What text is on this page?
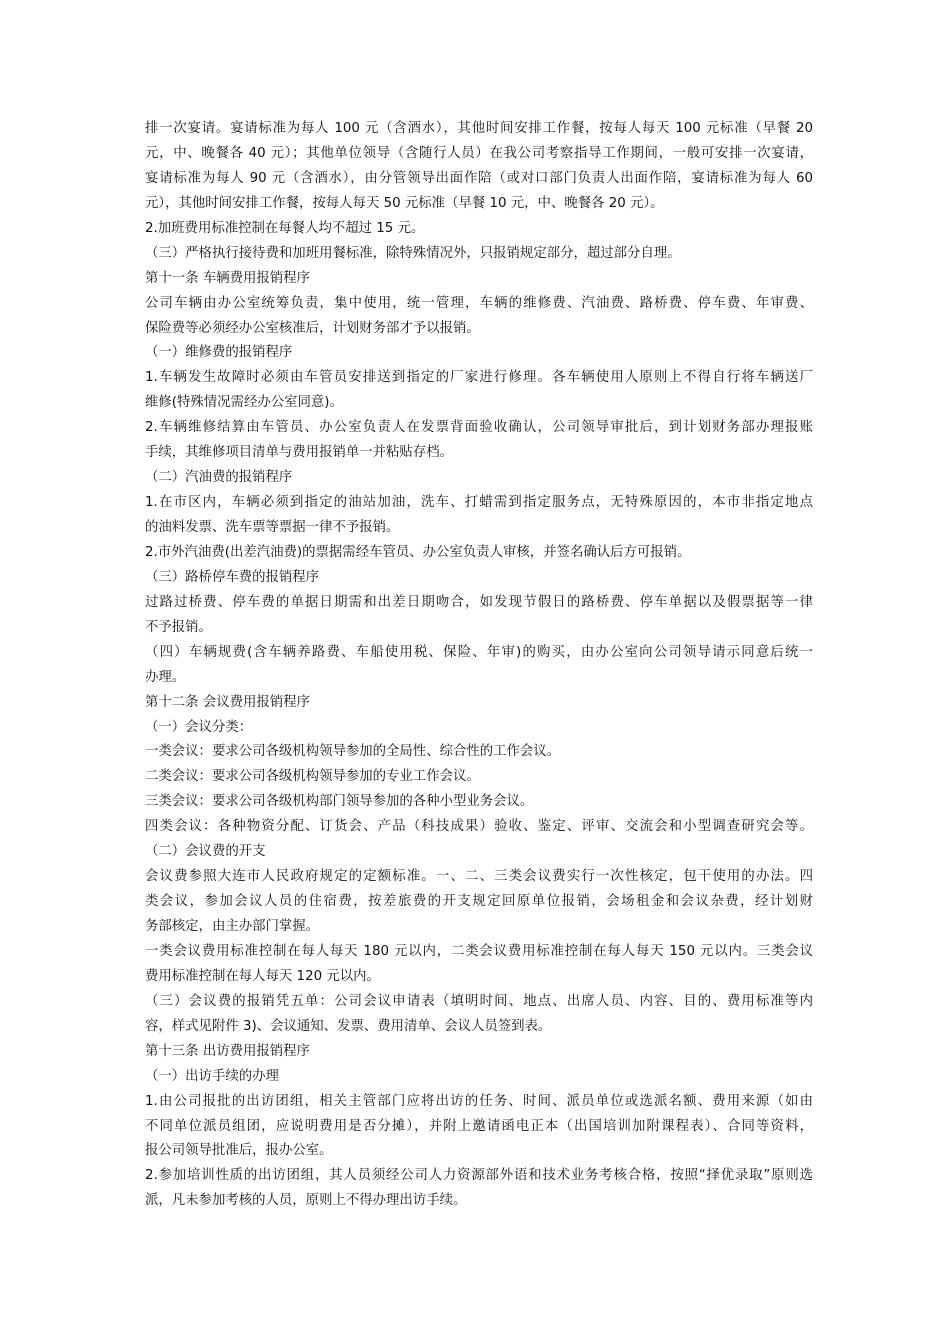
排一次宴请。宴请标准为每人 100 元（含酒水），其他时间安排工作餐，按每人每天 100 元标准（早餐 20
元，中、晚餐各 40 元）；其他单位领导（含随行人员）在我公司考察指导工作期间，一般可安排一次宴请，
宴请标准为每人 90 元（含酒水），由分管领导出面作陪（或对口部门负责人出面作陪，宴请标准为每人 60
元），其他时间安排工作餐，按每人每天 50 元标准（早餐 10 元，中、晚餐各 20 元）。
2.加班费用标准控制在每餐人均不超过 15 元。
（三）严格执行接待费和加班用餐标准，除特殊情况外，只报销规定部分，超过部分自理。
第十一条 车辆费用报销程序
公司车辆由办公室统筹负责，集中使用，统一管理，车辆的维修费、汽油费、路桥费、停车费、年审费、
保险费等必须经办公室核准后，计划财务部才予以报销。
（一）维修费的报销程序
1.车辆发生故障时必须由车管员安排送到指定的厂家进行修理。各车辆使用人原则上不得自行将车辆送厂
维修(特殊情况需经办公室同意)。
2.车辆维修结算由车管员、办公室负责人在发票背面验收确认，公司领导审批后，到计划财务部办理报账
手续，其维修项目清单与费用报销单一并粘贴存档。
（二）汽油费的报销程序
1.在市区内，车辆必须到指定的油站加油，洗车、打蜡需到指定服务点，无特殊原因的，本市非指定地点
的油料发票、洗车票等票据一律不予报销。
2.市外汽油费(出差汽油费)的票据需经车管员、办公室负责人审核，并签名确认后方可报销。
（三）路桥停车费的报销程序
过路过桥费、停车费的单据日期需和出差日期吻合，如发现节假日的路桥费、停车单据以及假票据等一律
不予报销。
（四）车辆规费(含车辆养路费、车船使用税、保险、年审)的购买，由办公室向公司领导请示同意后统一
办理。
第十二条 会议费用报销程序
（一）会议分类：
一类会议：要求公司各级机构领导参加的全局性、综合性的工作会议。
二类会议：要求公司各级机构领导参加的专业工作会议。
三类会议：要求公司各级机构部门领导参加的各种小型业务会议。
四类会议：各种物资分配、订货会、产品（科技成果）验收、鉴定、评审、交流会和小型调查研究会等。
（二）会议费的开支
会议费参照大连市人民政府规定的定额标准。一、二、三类会议费实行一次性核定，包干使用的办法。四
类会议，参加会议人员的住宿费，按差旅费的开支规定回原单位报销，会场租金和会议杂费，经计划财
务部核定，由主办部门掌握。
一类会议费用标准控制在每人每天 180 元以内，二类会议费用标准控制在每人每天 150 元以内。三类会议
费用标准控制在每人每天 120 元以内。
（三）会议费的报销凭五单：公司会议申请表（填明时间、地点、出席人员、内容、目的、费用标准等内
容，样式见附件 3)、会议通知、发票、费用清单、会议人员签到表。
第十三条 出访费用报销程序
（一）出访手续的办理
1.由公司报批的出访团组，相关主管部门应将出访的任务、时间、派员单位或选派名额、费用来源（如由
不同单位派员组团，应说明费用是否分摊），并附上邀请函电正本（出国培训加附课程表）、合同等资料，
报公司领导批准后，报办公室。
2.参加培训性质的出访团组，其人员须经公司人力资源部外语和技术业务考核合格，按照“择优录取”原则选
派，凡未参加考核的人员，原则上不得办理出访手续。
